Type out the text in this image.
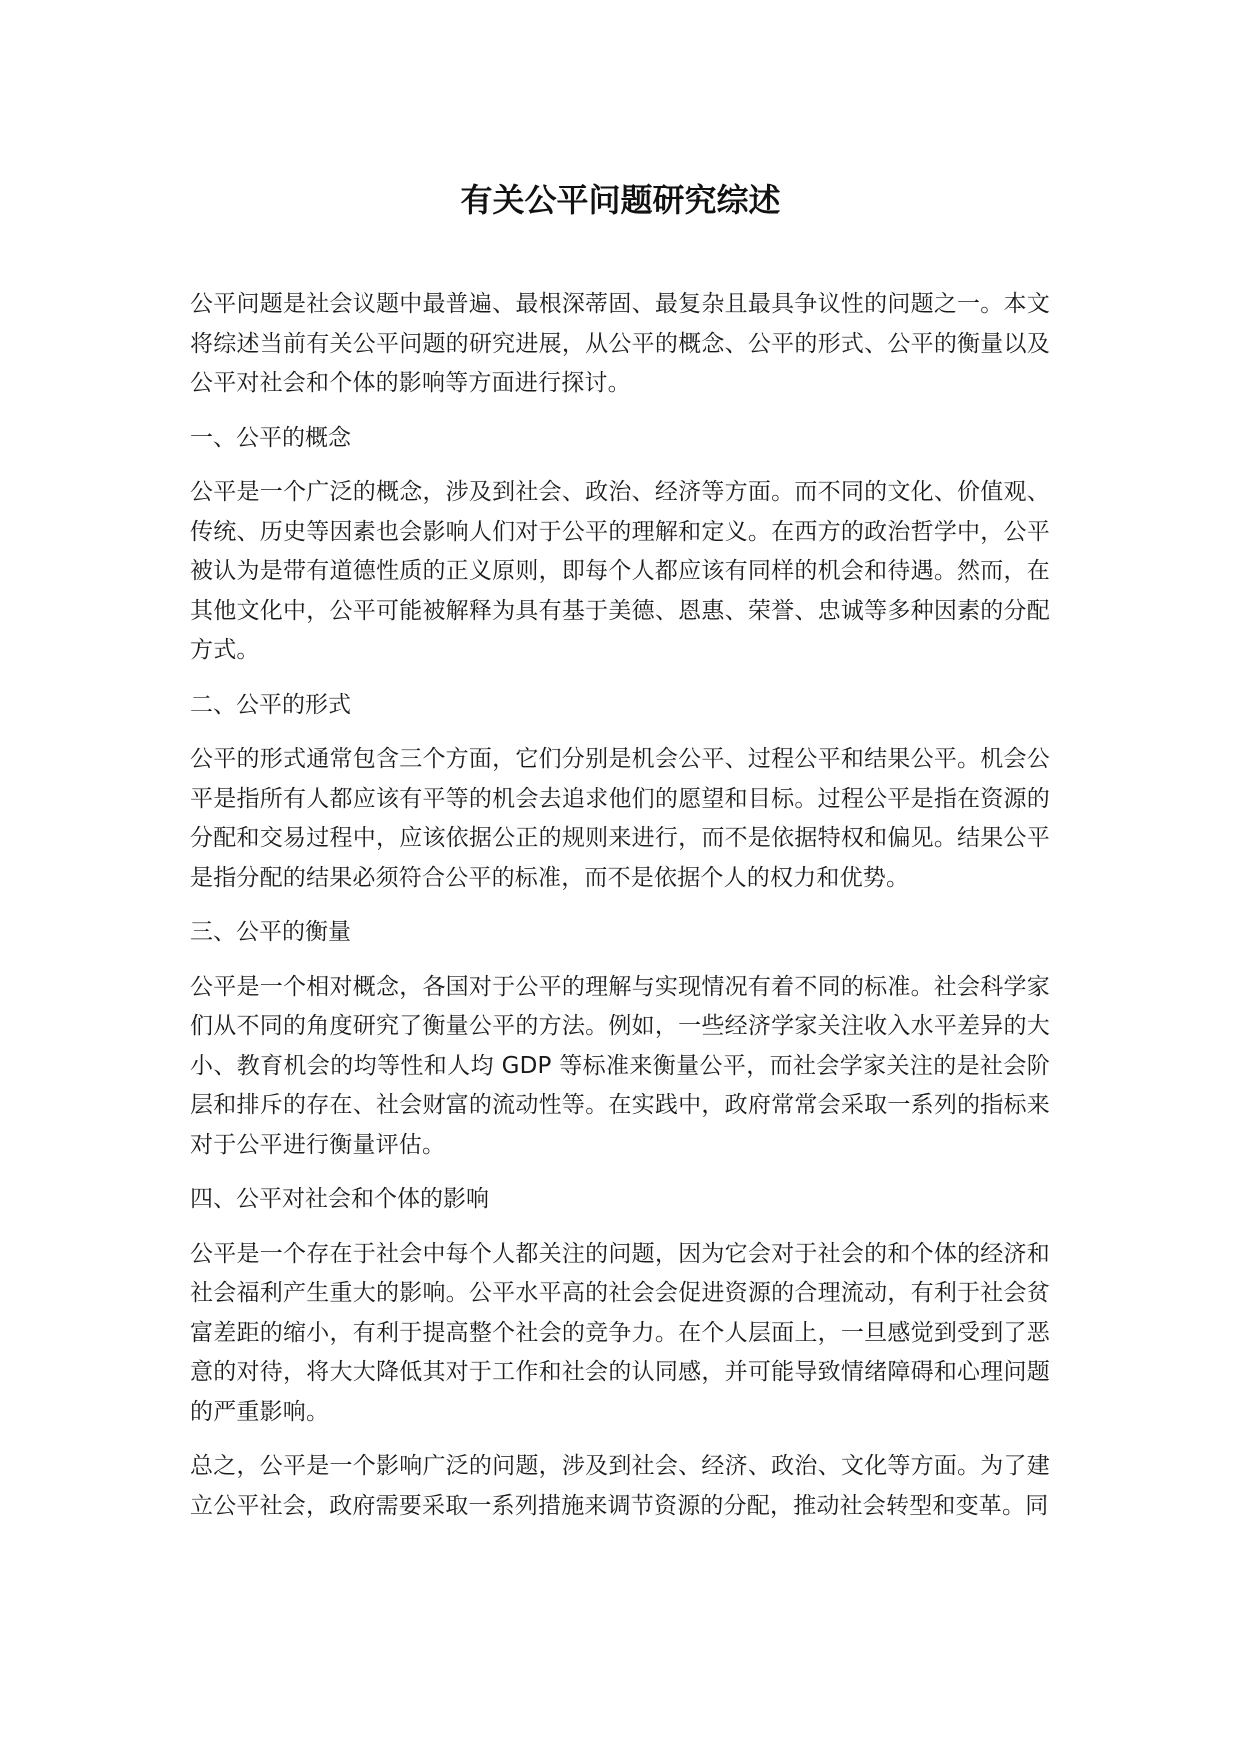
有关公平问题研究综述

公平问题是社会议题中最普遍、最根深蒂固、最复杂且最具争议性的问题之一。本文将综述当前有关公平问题的研究进展，从公平的概念、公平的形式、公平的衡量以及公平对社会和个体的影响等方面进行探讨。

一、公平的概念

公平是一个广泛的概念，涉及到社会、政治、经济等方面。而不同的文化、价值观、传统、历史等因素也会影响人们对于公平的理解和定义。在西方的政治哲学中，公平被认为是带有道德性质的正义原则，即每个人都应该有同样的机会和待遇。然而，在其他文化中，公平可能被解释为具有基于美德、恩惠、荣誉、忠诚等多种因素的分配方式。

二、公平的形式

公平的形式通常包含三个方面，它们分别是机会公平、过程公平和结果公平。机会公平是指所有人都应该有平等的机会去追求他们的愿望和目标。过程公平是指在资源的分配和交易过程中，应该依据公正的规则来进行，而不是依据特权和偏见。结果公平是指分配的结果必须符合公平的标准，而不是依据个人的权力和优势。

三、公平的衡量

公平是一个相对概念，各国对于公平的理解与实现情况有着不同的标准。社会科学家们从不同的角度研究了衡量公平的方法。例如，一些经济学家关注收入水平差异的大小、教育机会的均等性和人均 GDP 等标准来衡量公平，而社会学家关注的是社会阶层和排斥的存在、社会财富的流动性等。在实践中，政府常常会采取一系列的指标来对于公平进行衡量评估。

四、公平对社会和个体的影响

公平是一个存在于社会中每个人都关注的问题，因为它会对于社会的和个体的经济和社会福利产生重大的影响。公平水平高的社会会促进资源的合理流动，有利于社会贫富差距的缩小，有利于提高整个社会的竞争力。在个人层面上，一旦感觉到受到了恶意的对待，将大大降低其对于工作和社会的认同感，并可能导致情绪障碍和心理问题的严重影响。

总之，公平是一个影响广泛的问题，涉及到社会、经济、政治、文化等方面。为了建立公平社会，政府需要采取一系列措施来调节资源的分配，推动社会转型和变革。同
